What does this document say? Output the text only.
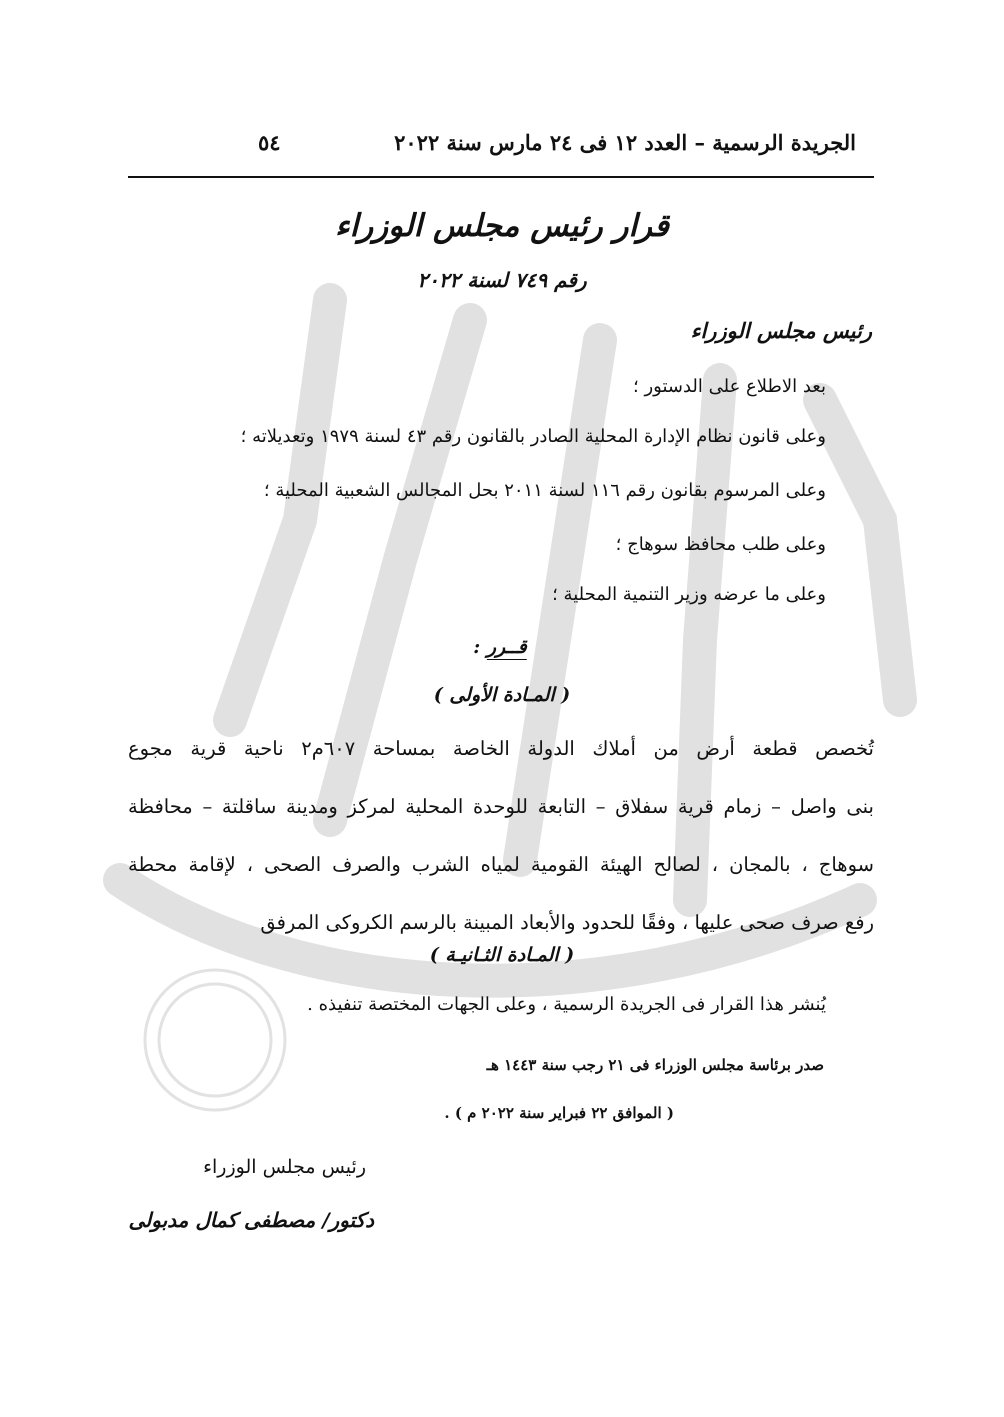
الجريدة الرسمية – العدد ١٢ فى ٢٤ مارس سنة ٢٠٢٢
٥٤
قرار رئيس مجلس الوزراء
رقم ٧٤٩ لسنة ٢٠٢٢
رئيس مجلس الوزراء
بعد الاطلاع على الدستور ؛
وعلى قانون نظام الإدارة المحلية الصادر بالقانون رقم ٤٣ لسنة ١٩٧٩ وتعديلاته ؛
وعلى المرسوم بقانون رقم ١١٦ لسنة ٢٠١١ بحل المجالس الشعبية المحلية ؛
وعلى طلب محافظ سوهاج ؛
وعلى ما عرضه وزير التنمية المحلية ؛
قــرر :
( المـادة الأولى )
تُخصص قطعة أرض من أملاك الدولة الخاصة بمساحة ٦٠٧م٢ ناحية قرية مجوع
بنى واصل – زمام قرية سفلاق – التابعة للوحدة المحلية لمركز ومدينة ساقلتة – محافظة
سوهاج ، بالمجان ، لصالح الهيئة القومية لمياه الشرب والصرف الصحى ، لإقامة محطة
رفع صرف صحى عليها ، وفقًا للحدود والأبعاد المبينة بالرسم الكروكى المرفق
( المـادة الثـانيـة )
يُنشر هذا القرار فى الجريدة الرسمية ، وعلى الجهات المختصة تنفيذه .
صدر برئاسة مجلس الوزراء فى ٢١ رجب سنة ١٤٤٣ هـ
( الموافق ٢٢ فبراير سنة ٢٠٢٢ م ) .
رئيس مجلس الوزراء
دكتور/ مصطفى كمال مدبولى
